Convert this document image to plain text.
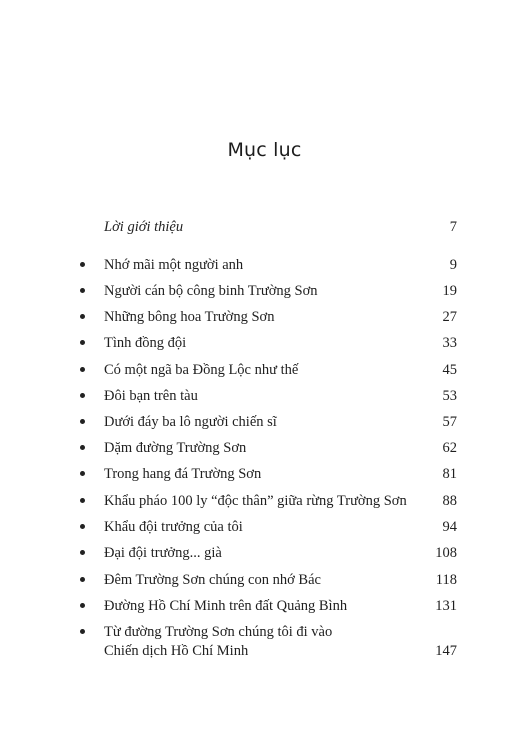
Mục lục
Lời giới thiệu	7
Nhớ mãi một người anh	9
Người cán bộ công binh Trường Sơn	19
Những bông hoa Trường Sơn	27
Tình đồng đội	33
Có một ngã ba Đồng Lộc như thế	45
Đôi bạn trên tàu	53
Dưới đáy ba lô người chiến sĩ	57
Dặm đường Trường Sơn	62
Trong hang đá Trường Sơn	81
Khẩu pháo 100 ly “độc thân” giữa rừng Trường Sơn 88
Khẩu đội trưởng của tôi	94
Đại đội trưởng... già	108
Đêm Trường Sơn chúng con nhớ Bác	118
Đường Hồ Chí Minh trên đất Quảng Bình	131
Từ đường Trường Sơn chúng tôi đi vào
Chiến dịch Hồ Chí Minh	147
